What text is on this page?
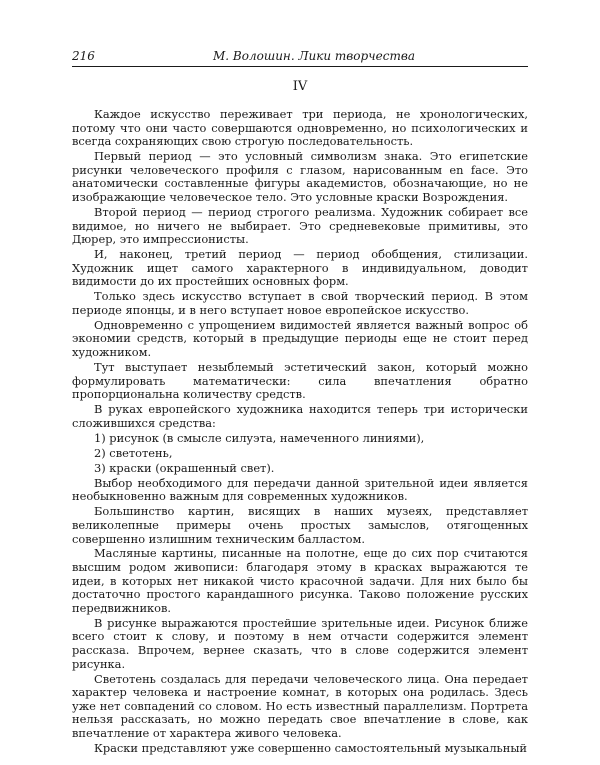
216	М. Волошин. Лики творчества
IV

Каждое искусство переживает три периода, не хронологических, потому что они часто совершаются одновременно, но психологических и всегда сохраняющих свою строгую последовательность.

Первый период — это условный символизм знака. Это египетские рисунки человеческого профиля с глазом, нарисованным en face. Это анатомически составленные фигуры академистов, обозначающие, но не изображающие человеческое тело. Это условные краски Возрождения.

Второй период — период строгого реализма. Художник собирает все видимое, но ничего не выбирает. Это средневековые примитивы, это Дюрер, это импрессионисты.

И, наконец, третий период — период обобщения, стилизации. Художник ищет самого характерного в индивидуальном, доводит видимости до их простейших основных форм.

Только здесь искусство вступает в свой творческий период. В этом периоде японцы, и в него вступает новое европейское искусство.

Одновременно с упрощением видимостей является важный вопрос об экономии средств, который в предыдущие периоды еще не стоит перед художником.

Тут выступает незыблемый эстетический закон, который можно формулировать математически: сила впечатления обратно пропорциональна количеству средств.

В руках европейского художника находится теперь три исторически сложившихся средства:

1) рисунок (в смысле силуэта, намеченного линиями),

2) светотень,

3) краски (окрашенный свет).

Выбор необходимого для передачи данной зрительной идеи является необыкновенно важным для современных художников.

Большинство картин, висящих в наших музеях, представляет великолепные примеры очень простых замыслов, отягощенных совершенно излишним техническим балластом.

Масляные картины, писанные на полотне, еще до сих пор считаются высшим родом живописи: благодаря этому в красках выражаются те идеи, в которых нет никакой чисто красочной задачи. Для них было бы достаточно простого карандашного рисунка. Таково положение русских передвижников.

В рисунке выражаются простейшие зрительные идеи. Рисунок ближе всего стоит к слову, и поэтому в нем отчасти содержится элемент рассказа. Впрочем, вернее сказать, что в слове содержится элемент рисунка.

Светотень создалась для передачи человеческого лица. Она передает характер человека и настроение комнат, в которых она родилась. Здесь уже нет совпадений со словом. Но есть известный параллелизм. Портрета нельзя рассказать, но можно передать свое впечатление в слове, как впечатление от характера живого человека.

Краски представляют уже совершенно самостоятельный музыкальный
